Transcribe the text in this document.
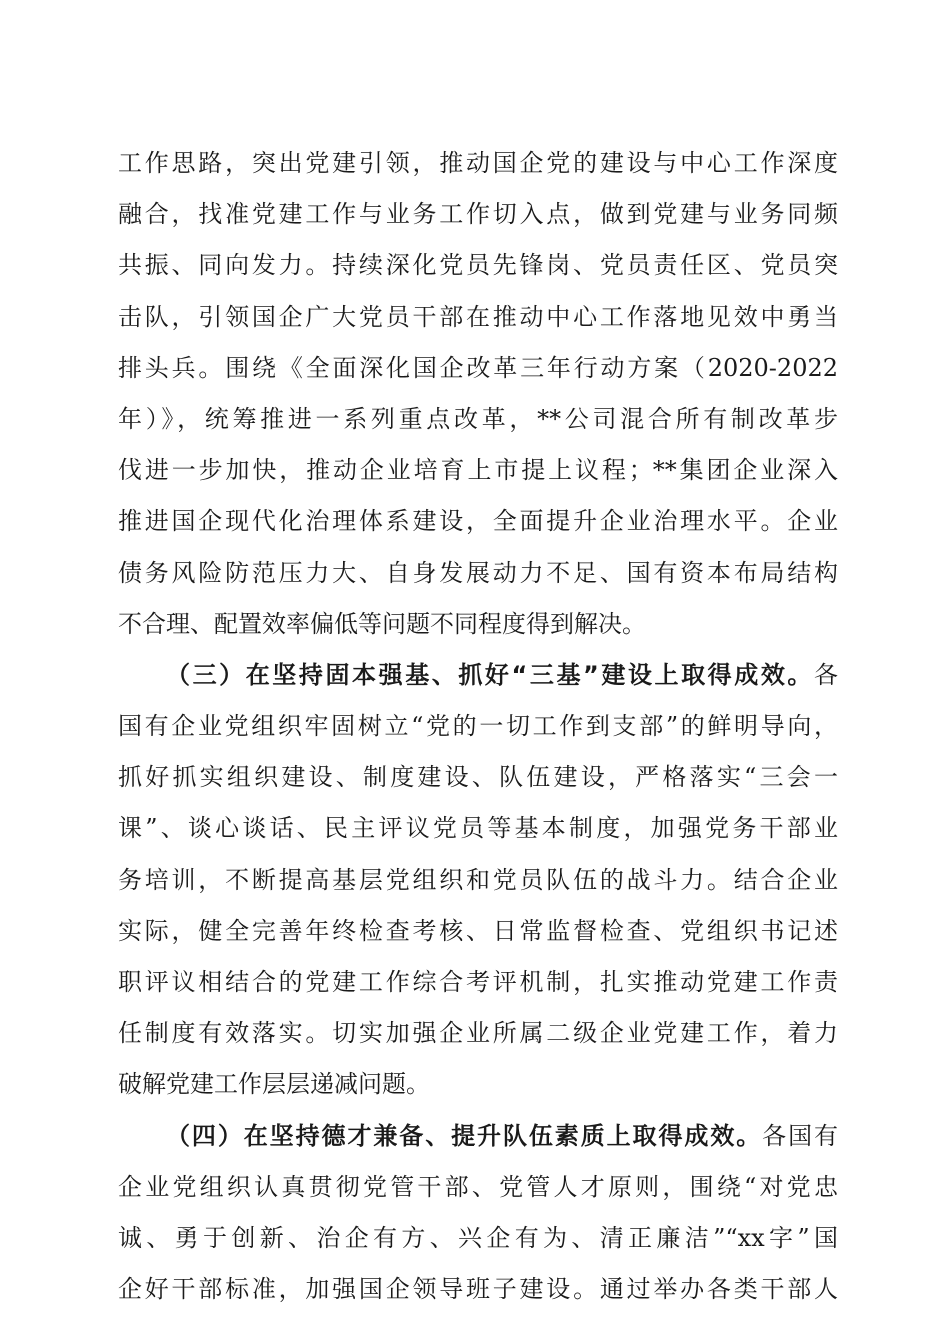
工作思路，突出党建引领，推动国企党的建设与中心工作深度
融合，找准党建工作与业务工作切入点，做到党建与业务同频
共振、同向发力。持续深化党员先锋岗、党员责任区、党员突
击队，引领国企广大党员干部在推动中心工作落地见效中勇当
排头兵。围绕《全面深化国企改革三年行动方案（2020-2022
年）》，统筹推进一系列重点改革，**公司混合所有制改革步
伐进一步加快，推动企业培育上市提上议程；**集团企业深入
推进国企现代化治理体系建设，全面提升企业治理水平。企业
债务风险防范压力大、自身发展动力不足、国有资本布局结构
不合理、配置效率偏低等问题不同程度得到解决。
（三）在坚持固本强基、抓好“三基”建设上取得成效。各
国有企业党组织牢固树立“党的一切工作到支部”的鲜明导向，
抓好抓实组织建设、制度建设、队伍建设，严格落实“三会一
课”、谈心谈话、民主评议党员等基本制度，加强党务干部业
务培训，不断提高基层党组织和党员队伍的战斗力。结合企业
实际，健全完善年终检查考核、日常监督检查、党组织书记述
职评议相结合的党建工作综合考评机制，扎实推动党建工作责
任制度有效落实。切实加强企业所属二级企业党建工作，着力
破解党建工作层层递减问题。
（四）在坚持德才兼备、提升队伍素质上取得成效。各国有
企业党组织认真贯彻党管干部、党管人才原则，围绕“对党忠
诚、勇于创新、治企有方、兴企有为、清正廉洁”“xx字”国
企好干部标准，加强国企领导班子建设。通过举办各类干部人
